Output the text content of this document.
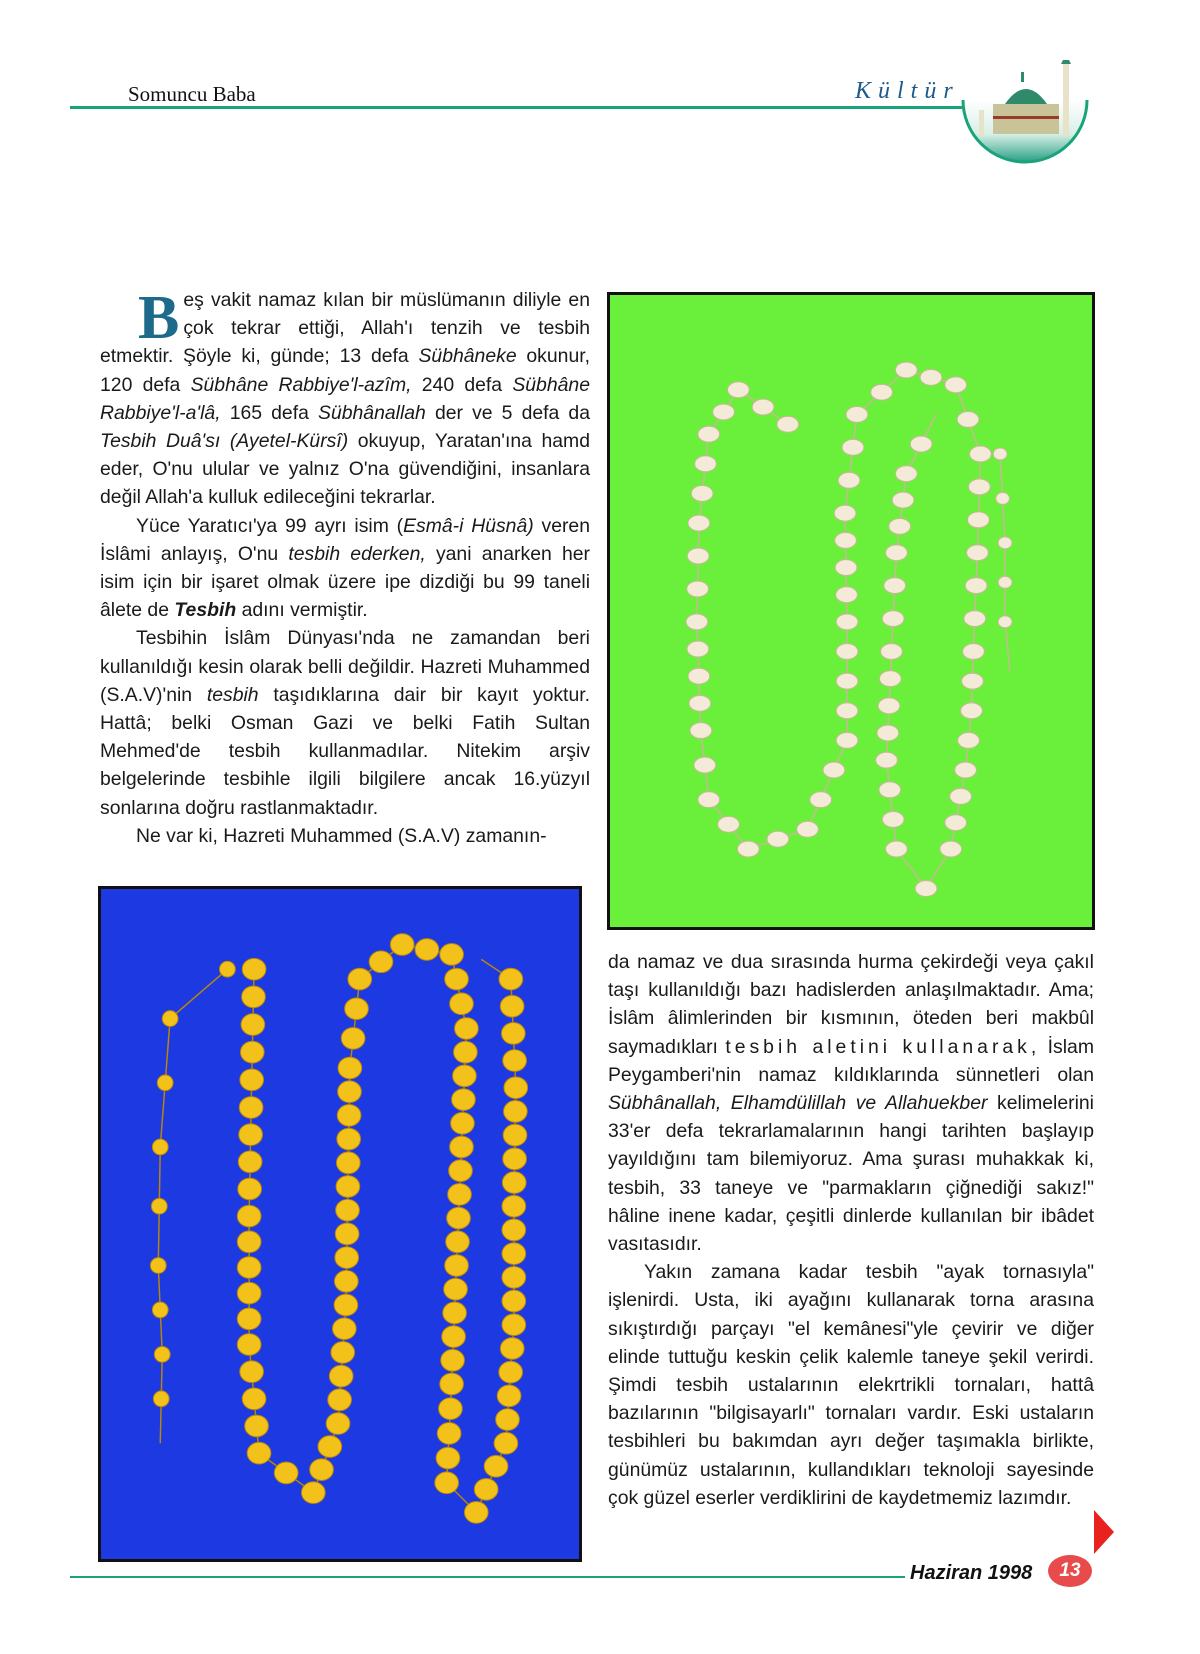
Somuncu Baba	Kültür

Beş vakit namaz kılan bir müslümanın diliyle en çok tekrar ettiği, Allah'ı tenzih ve tesbih etmektir. Şöyle ki, günde; 13 defa Sübhâneke okunur, 120 defa Sübhâne Rabbiye'l-azîm, 240 defa Sübhâne Rabbiye'l-a'lâ, 165 defa Sübhânallah der ve 5 defa da Tesbih Duâ'sı (Ayetel-Kürsî) okuyup, Yaratan'ına hamd eder, O'nu ulular ve yalnız O'na güvendiğini, insanlara değil Allah'a kulluk edileceğini tekrarlar.

Yüce Yaratıcı'ya 99 ayrı isim (Esmâ-i Hüsnâ) veren İslâmi anlayış, O'nu tesbih ederken, yani anarken her isim için bir işaret olmak üzere ipe dizdiği bu 99 taneli âlete de Tesbih adını vermiştir.

Tesbihin İslâm Dünyası'nda ne zamandan beri kullanıldığı kesin olarak belli değildir. Hazreti Muhammed (S.A.V)'nin tesbih taşıdıklarına dair bir kayıt yoktur. Hattâ; belki Osman Gazi ve belki Fatih Sultan Mehmed'de tesbih kullanmadılar. Nitekim arşiv belgelerinde tesbihle ilgili bilgilere ancak 16.yüzyıl sonlarına doğru rastlanmaktadır.

Ne var ki, Hazreti Muhammed (S.A.V) zamanın-

da namaz ve dua sırasında hurma çekirdeği veya çakıl taşı kullanıldığı bazı hadislerden anlaşılmaktadır. Ama; İslâm âlimlerinden bir kısmının, öteden beri makbûl saymadıkları tesbih aletini kullanarak, İslam Peygamberi'nin namaz kıldıklarında sünnetleri olan Sübhânallah, Elhamdülillah ve Allahuekber kelimelerini 33'er defa tekrarlamalarının hangi tarihten başlayıp yayıldığını tam bilemiyoruz. Ama şurası muhakkak ki, tesbih, 33 taneye ve "parmakların çiğnediği sakız!" hâline inene kadar, çeşitli dinlerde kullanılan bir ibâdet vasıtasıdır.

Yakın zamana kadar tesbih "ayak tornasıyla" işlenirdi. Usta, iki ayağını kullanarak torna arasına sıkıştırdığı parçayı "el kemânesi"yle çevirir ve diğer elinde tuttuğu keskin çelik kalemle taneye şekil verirdi. Şimdi tesbih ustalarının elekrtrikli tornaları, hattâ bazılarının "bilgisayarlı" tornaları vardır. Eski ustaların tesbihleri bu bakımdan ayrı değer taşımakla birlikte, günümüz ustalarının, kullandıkları teknoloji sayesinde çok güzel eserler verdiklirini de kaydetmemiz lazımdır.

Haziran 1998	13
